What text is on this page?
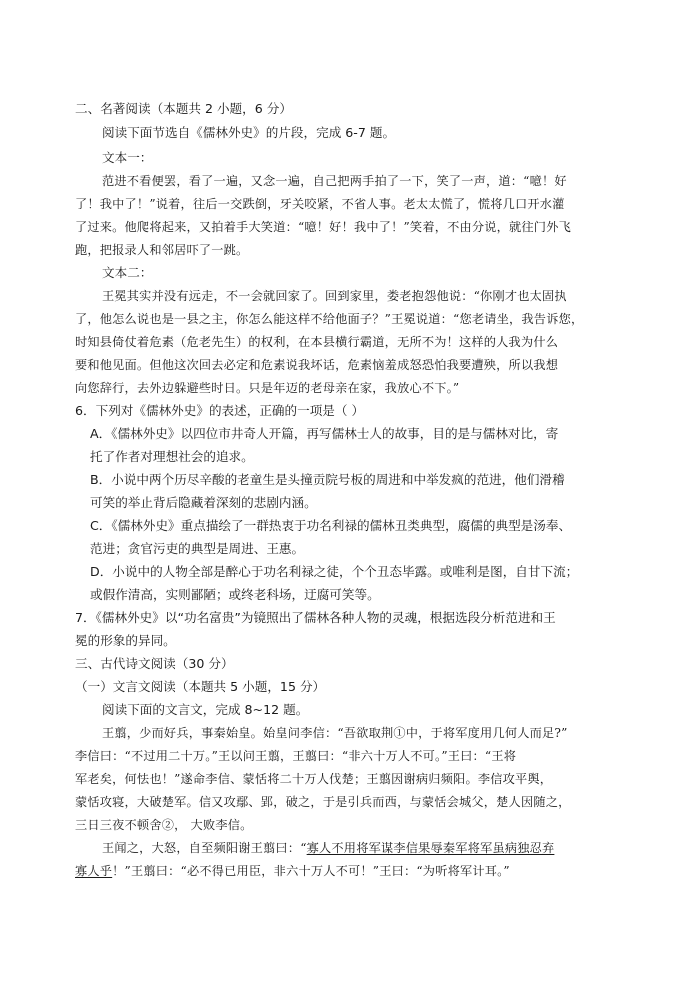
二、名著阅读（本题共 2 小题，6 分）
阅读下面节选自《儒林外史》的片段，完成 6-7 题。
文本一：
范进不看便罢，看了一遍，又念一遍，自己把两手拍了一下，笑了一声，道：“噫！好
了！我中了！”说着，往后一交跌倒，牙关咬紧，不省人事。老太太慌了，慌将几口开水灌
了过来。他爬将起来，又拍着手大笑道：“噫！好！我中了！”笑着，不由分说，就往门外飞
跑，把报录人和邻居吓了一跳。
文本二：
王冕其实并没有远走，不一会就回家了。回到家里，娄老抱怨他说：“你刚才也太固执
了，他怎么说也是一县之主，你怎么能这样不给他面子？”王冕说道：“您老请坐，我告诉您，
时知县倚仗着危素（危老先生）的权利，在本县横行霸道，无所不为！这样的人我为什么
要和他见面。但他这次回去必定和危素说我坏话，危素恼羞成怒恐怕我要遭殃，所以我想
向您辞行，去外边躲避些时日。只是年迈的老母亲在家，我放心不下。”
6．下列对《儒林外史》的表述，正确的一项是（ ）
A．《儒林外史》以四位市井奇人开篇，再写儒林士人的故事，目的是与儒林对比，寄
托了作者对理想社会的追求。
B．小说中两个历尽辛酸的老童生是头撞贡院号板的周进和中举发疯的范进，他们滑稽
可笑的举止背后隐藏着深刻的悲剧内涵。
C．《儒林外史》重点描绘了一群热衷于功名利禄的儒林丑类典型，腐儒的典型是汤奉、
范进；贪官污吏的典型是周进、王惠。
D．小说中的人物全部是醉心于功名利禄之徒，个个丑态毕露。或唯利是图，自甘下流；
或假作清高，实则鄙陋；或终老科场，迂腐可笑等。
7．《儒林外史》以“功名富贵”为镜照出了儒林各种人物的灵魂，根据选段分析范进和王
冕的形象的异同。
三、古代诗文阅读（30 分）
（一）文言文阅读（本题共 5 小题，15 分）
阅读下面的文言文，完成 8~12 题。
王翦，少而好兵，事秦始皇。始皇问李信：“吾欲取荆①中，于将军度用几何人而足?”
李信曰：“不过用二十万。”王以问王翦，王翦曰：“非六十万人不可。”王曰：“王将
军老矣，何怯也！”遂命李信、蒙恬将二十万人伐楚；王翦因谢病归频阳。李信攻平舆，
蒙恬攻寝，大破楚军。信又攻鄢、郢，破之，于是引兵而西，与蒙恬会城父，楚人因随之，
三日三夜不顿舍②， 大败李信。
王闻之，大怒，自至频阳谢王翦曰：“寡人不用将军谋李信果辱秦军将军虽病独忍弃
寡人乎！”王翦曰：“必不得已用臣，非六十万人不可！”王曰：“为听将军计耳。”
